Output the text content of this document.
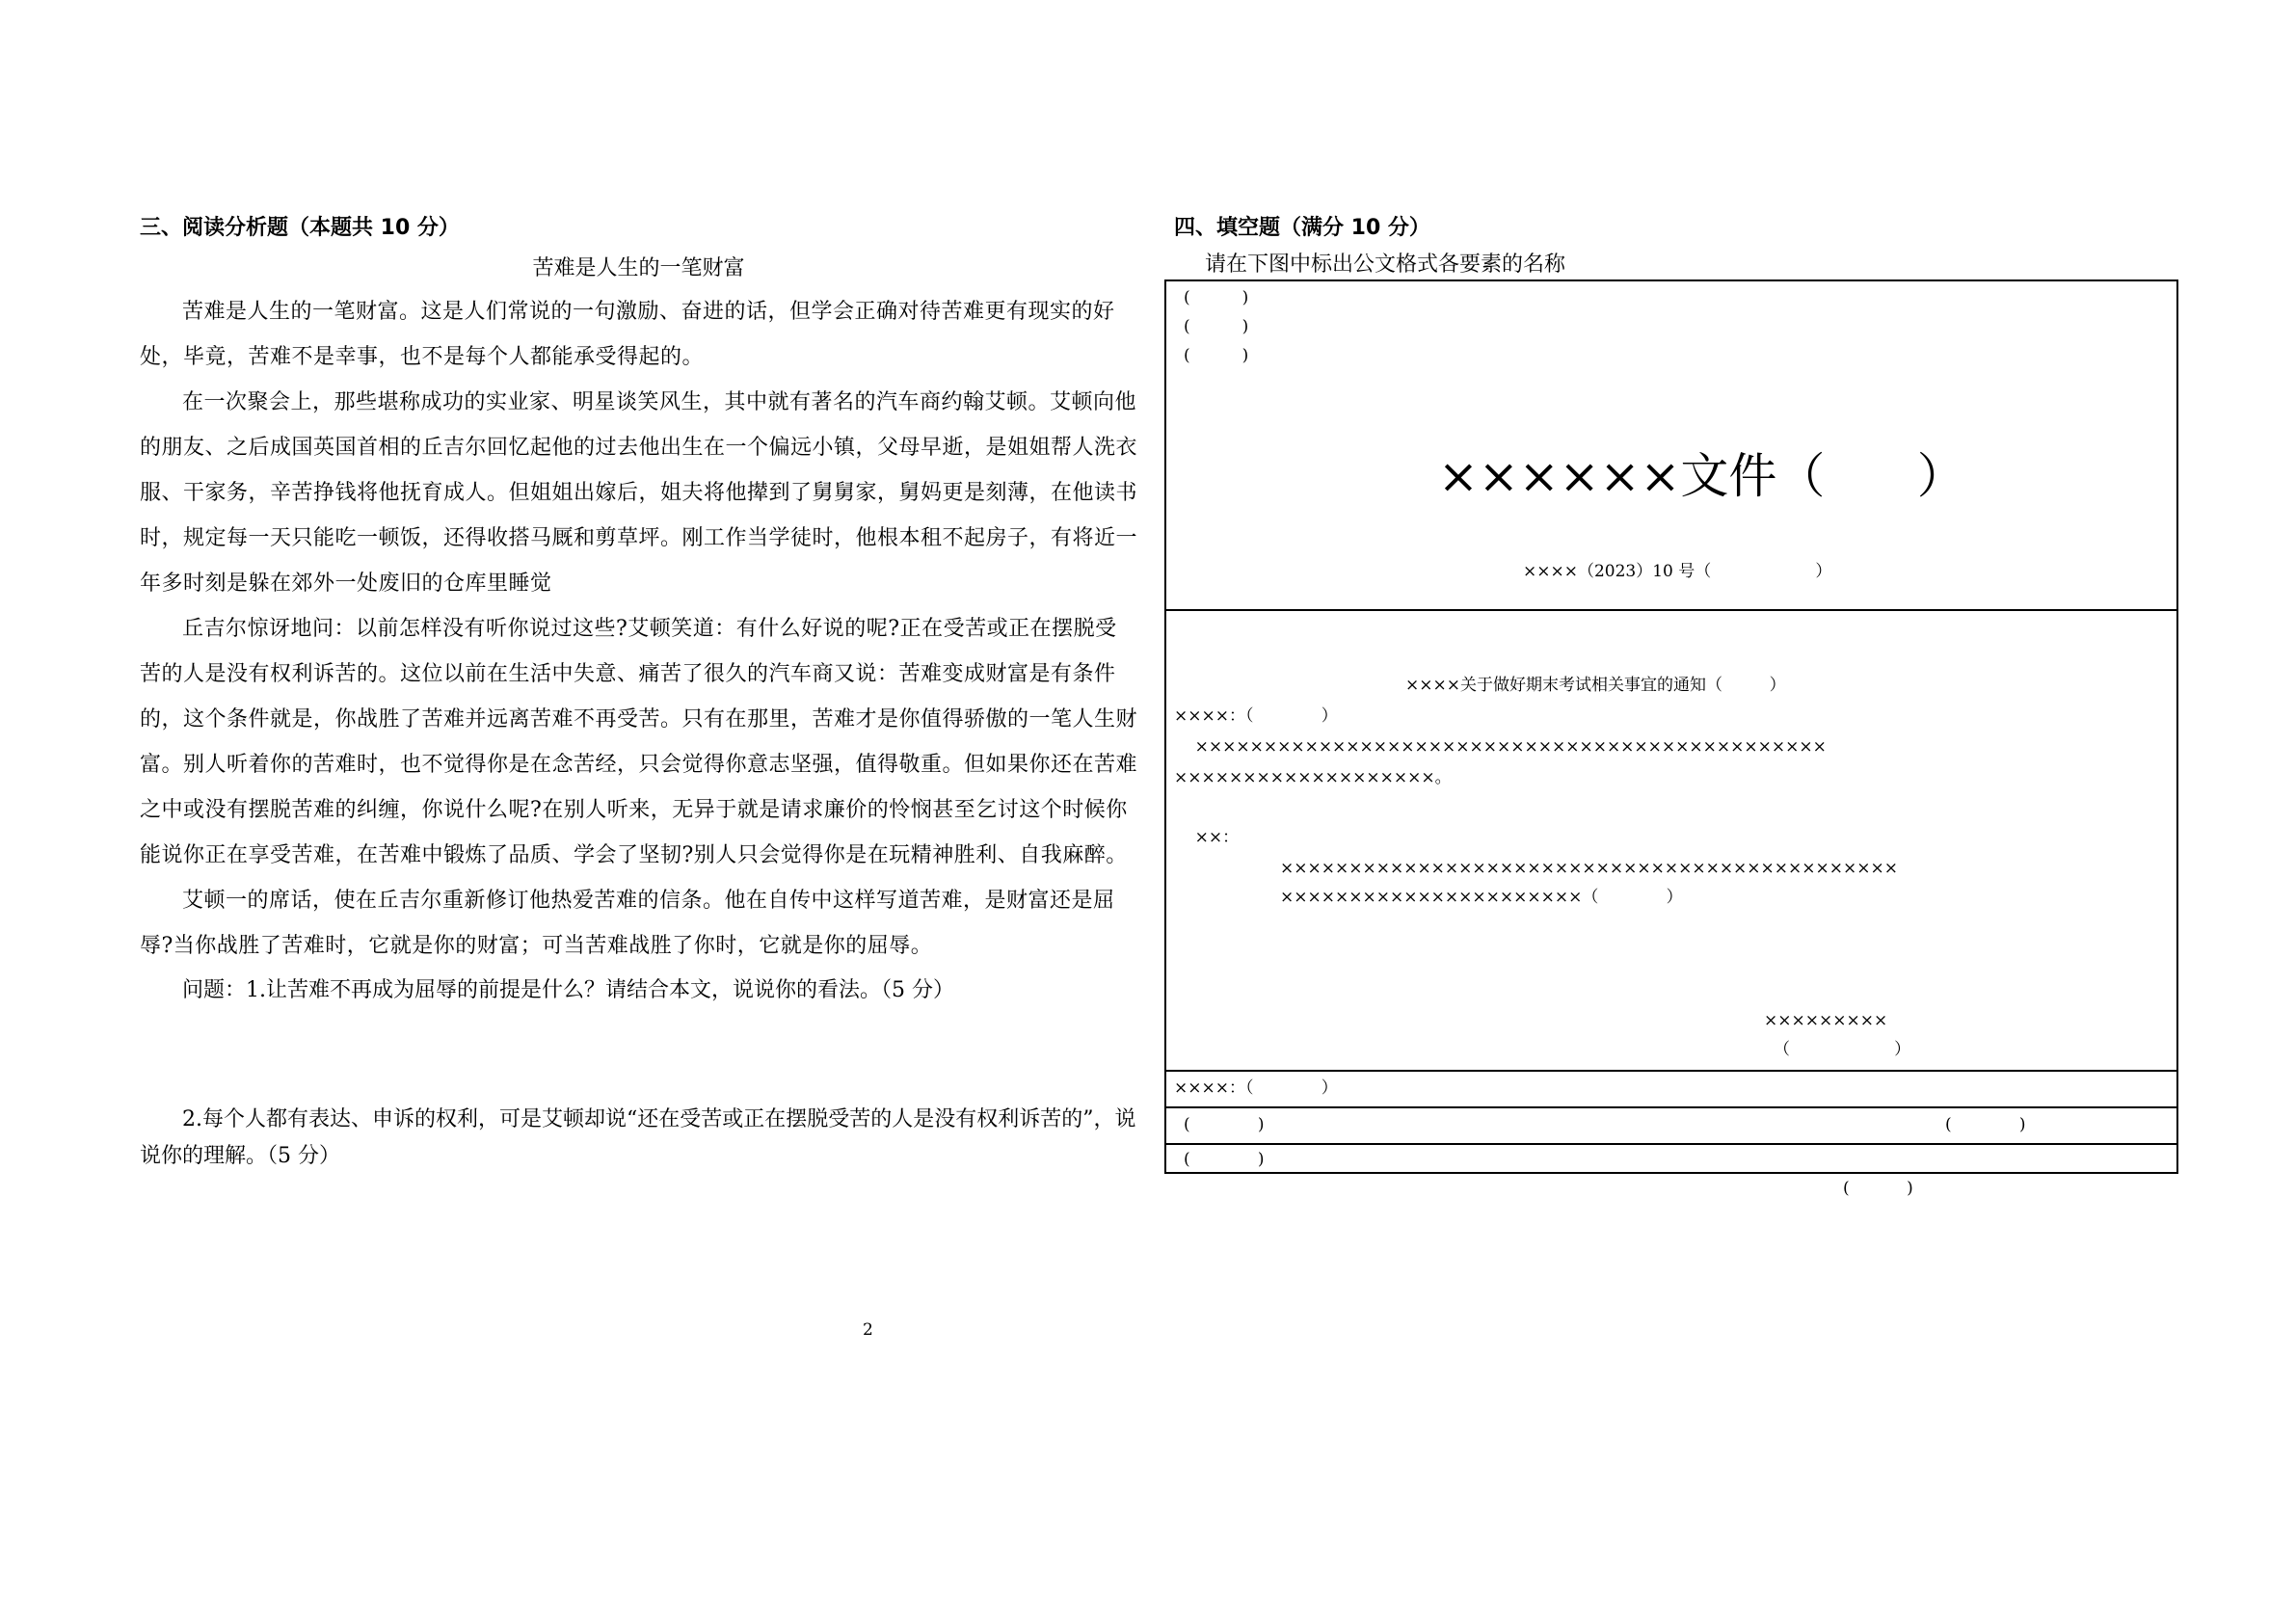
三、阅读分析题（本题共 10 分）
苦难是人生的一笔财富

苦难是人生的一笔财富。这是人们常说的一句激励、奋进的话，但学会正确对待苦难更有现实的好处，毕竟，苦难不是幸事，也不是每个人都能承受得起的。

在一次聚会上，那些堪称成功的实业家、明星谈笑风生，其中就有著名的汽车商约翰艾顿。艾顿向他的朋友、之后成国英国首相的丘吉尔回忆起他的过去他出生在一个偏远小镇，父母早逝，是姐姐帮人洗衣服、干家务，辛苦挣钱将他抚育成人。但姐姐出嫁后，姐夫将他撵到了舅舅家，舅妈更是刻薄，在他读书时，规定每一天只能吃一顿饭，还得收搭马厩和剪草坪。刚工作当学徒时，他根本租不起房子，有将近一年多时刻是躲在郊外一处废旧的仓库里睡觉

丘吉尔惊讶地问：以前怎样没有听你说过这些?艾顿笑道：有什么好说的呢?正在受苦或正在摆脱受苦的人是没有权利诉苦的。这位以前在生活中失意、痛苦了很久的汽车商又说：苦难变成财富是有条件的，这个条件就是，你战胜了苦难并远离苦难不再受苦。只有在那里，苦难才是你值得骄傲的一笔人生财富。别人听着你的苦难时，也不觉得你是在念苦经，只会觉得你意志坚强，值得敬重。但如果你还在苦难之中或没有摆脱苦难的纠缠，你说什么呢?在别人听来，无异于就是请求廉价的怜悯甚至乞讨这个时候你能说你正在享受苦难，在苦难中锻炼了品质、学会了坚韧?别人只会觉得你是在玩精神胜利、自我麻醉。

艾顿一的席话，使在丘吉尔重新修订他热爱苦难的信条。他在自传中这样写道苦难，是财富还是屈辱?当你战胜了苦难时，它就是你的财富；可当苦难战胜了你时，它就是你的屈辱。

问题：1.让苦难不再成为屈辱的前提是什么？请结合本文，说说你的看法。（5 分）

2.每个人都有表达、申诉的权利，可是艾顿却说“还在受苦或正在摆脱受苦的人是没有权利诉苦的”，说说你的理解。（5 分）

四、填空题（满分 10 分）
请在下图中标出公文格式各要素的名称
(          )
(          )
(          )
××××××文件（      ）
××××（2023）10 号（                    ）
××××关于做好期末考试相关事宜的通知（         ）
××××：（             ）
××××××××××××××××××××××××××××××××××××××××××××××
×××××××××××××××××××。
××：
×××××××××××××××××××××××××××××××××××××××××××××
××××××××××××××××××××××（             ）
×××××××××
（                    ）
××××：（             ）
(             )	(             )
(             )
(           )
2
